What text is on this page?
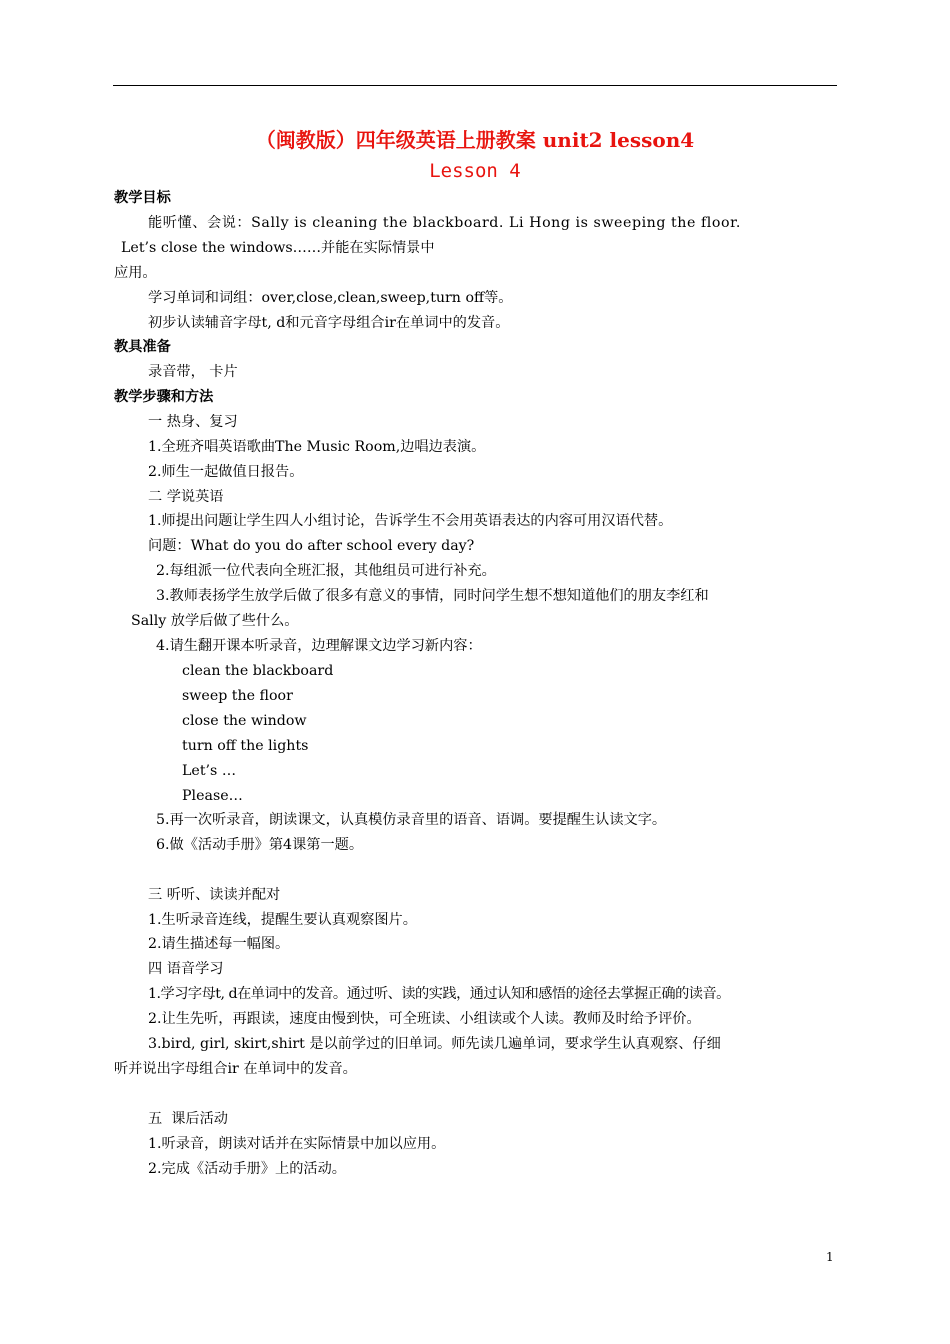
（闽教版）四年级英语上册教案 unit2 lesson4
Lesson 4
教学目标
能听懂、会说：Sally is cleaning the blackboard. Li Hong is sweeping the floor.
Let’s close the windows……并能在实际情景中
应用。
学习单词和词组：over,close,clean,sweep,turn off等。
初步认读辅音字母t, d和元音字母组合ir在单词中的发音。
教具准备
录音带， 卡片
教学步骤和方法
一 热身、复习
1.全班齐唱英语歌曲The Music Room,边唱边表演。
2.师生一起做值日报告。
二 学说英语
1.师提出问题让学生四人小组讨论，告诉学生不会用英语表达的内容可用汉语代替。
问题：What do you do after school every day?
2.每组派一位代表向全班汇报，其他组员可进行补充。
3.教师表扬学生放学后做了很多有意义的事情，同时问学生想不想知道他们的朋友李红和
Sally 放学后做了些什么。
4.请生翻开课本听录音，边理解课文边学习新内容：
clean the blackboard
sweep the floor
close the window
turn off the lights
Let’s …
Please…
5.再一次听录音，朗读课文，认真模仿录音里的语音、语调。要提醒生认读文字。
6.做《活动手册》第4课第一题。
三 听听、读读并配对
1.生听录音连线，提醒生要认真观察图片。
2.请生描述每一幅图。
四 语音学习
1.学习字母t, d在单词中的发音。通过听、读的实践，通过认知和感悟的途径去掌握正确的读音。
2.让生先听，再跟读，速度由慢到快，可全班读、小组读或个人读。教师及时给予评价。
3.bird, girl, skirt,shirt 是以前学过的旧单词。师先读几遍单词，要求学生认真观察、仔细
听并说出字母组合ir 在单词中的发音。
五  课后活动
1.听录音，朗读对话并在实际情景中加以应用。
2.完成《活动手册》上的活动。
1
